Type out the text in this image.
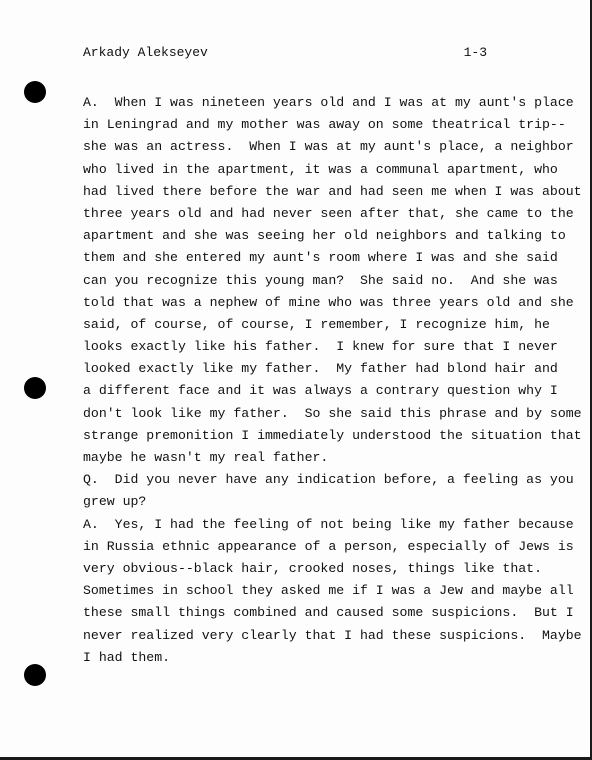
Arkady Alekseyev	1-3
A.  When I was nineteen years old and I was at my aunt's place
in Leningrad and my mother was away on some theatrical trip--
she was an actress.  When I was at my aunt's place, a neighbor
who lived in the apartment, it was a communal apartment, who
had lived there before the war and had seen me when I was about
three years old and had never seen after that, she came to the
apartment and she was seeing her old neighbors and talking to
them and she entered my aunt's room where I was and she said
can you recognize this young man?  She said no.  And she was
told that was a nephew of mine who was three years old and she
said, of course, of course, I remember, I recognize him, he
looks exactly like his father.  I knew for sure that I never
looked exactly like my father.  My father had blond hair and
a different face and it was always a contrary question why I
don't look like my father.  So she said this phrase and by some
strange premonition I immediately understood the situation that
maybe he wasn't my real father.
Q.  Did you never have any indication before, a feeling as you
grew up?
A.  Yes, I had the feeling of not being like my father because
in Russia ethnic appearance of a person, especially of Jews is
very obvious--black hair, crooked noses, things like that.
Sometimes in school they asked me if I was a Jew and maybe all
these small things combined and caused some suspicions.  But I
never realized very clearly that I had these suspicions.  Maybe
I had them.
